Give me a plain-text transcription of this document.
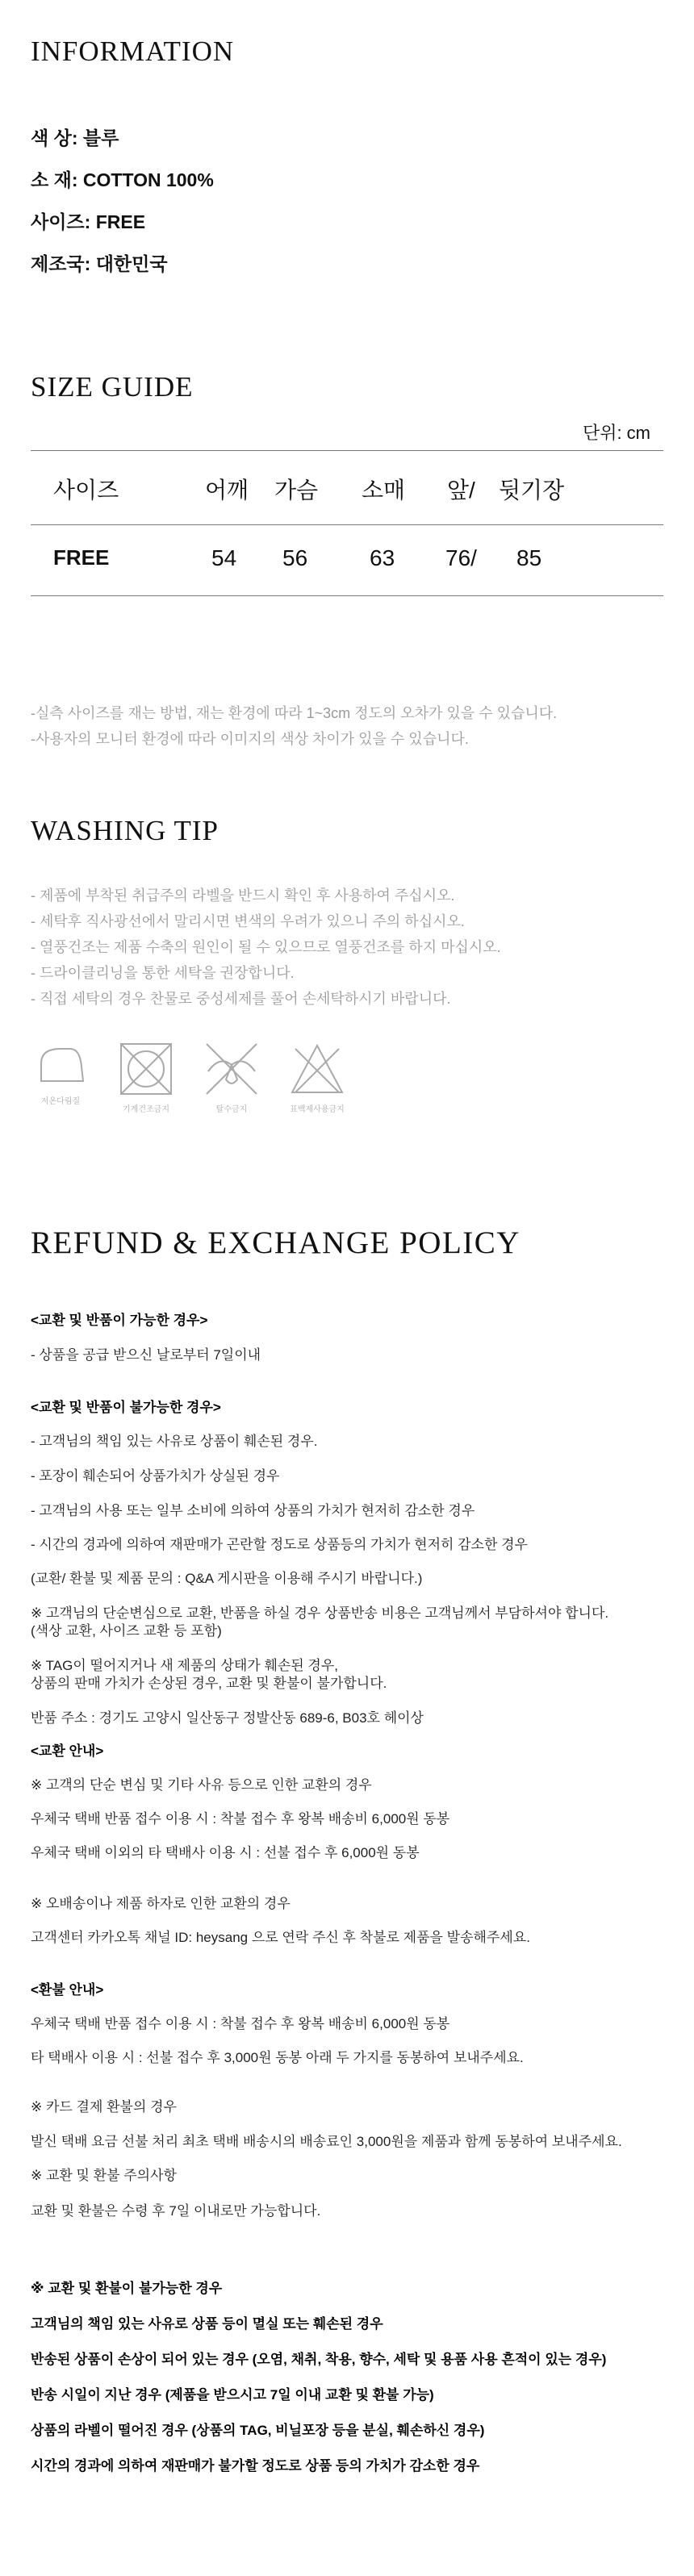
INFORMATION
색 상: 블루
소 재: COTTON 100%
사이즈: FREE
제조국: 대한민국
SIZE GUIDE
단위: cm
사이즈	어깨 가슴 소매 앞/ 뒷기장
FREE	54 56	63 76/ 85
-실측 사이즈를 재는 방법, 재는 환경에 따라 1~3cm 정도의 오차가 있을 수 있습니다.
-사용자의 모니터 환경에 따라 이미지의 색상 차이가 있을 수 있습니다.
WASHING TIP
- 제품에 부착된 취급주의 라벨을 반드시 확인 후 사용하여 주십시오.
- 세탁후 직사광선에서 말리시면 변색의 우려가 있으니 주의 하십시오.
- 열풍건조는 제품 수축의 원인이 될 수 있으므로 열풍건조를 하지 마십시오.
- 드라이클리닝을 통한 세탁을 권장합니다.
- 직접 세탁의 경우 찬물로 중성세제를 풀어 손세탁하시기 바랍니다.
저온다림질
기계건조금지	탈수금지	표백제사용금지
REFUND & EXCHANGE POLICY
<교환 및 반품이 가능한 경우>
- 상품을 공급 받으신 날로부터 7일이내
<교환 및 반품이 불가능한 경우>
- 고객님의 책임 있는 사유로 상품이 훼손된 경우.
- 포장이 훼손되어 상품가치가 상실된 경우
- 고객님의 사용 또는 일부 소비에 의하여 상품의 가치가 현저히 감소한 경우
- 시간의 경과에 의하여 재판매가 곤란할 정도로 상품등의 가치가 현저히 감소한 경우
(교환/ 환불 및 제품 문의 : Q&A 게시판을 이용해 주시기 바랍니다.)
※ 고객님의 단순변심으로 교환, 반품을 하실 경우 상품반송 비용은 고객님께서 부담하셔야 합니다.
(색상 교환, 사이즈 교환 등 포함)
※ TAG이 떨어지거나 새 제품의 상태가 훼손된 경우,
상품의 판매 가치가 손상된 경우, 교환 및 환불이 불가합니다.
반품 주소 : 경기도 고양시 일산동구 정발산동 689-6, B03호 헤이상
<교환 안내>
※ 고객의 단순 변심 및 기타 사유 등으로 인한 교환의 경우
우체국 택배 반품 접수 이용 시 : 착불 접수 후 왕복 배송비 6,000원 동봉
우체국 택배 이외의 타 택배사 이용 시 : 선불 접수 후 6,000원 동봉
※ 오배송이나 제품 하자로 인한 교환의 경우
고객센터 카카오톡 채널 ID: heysang 으로 연락 주신 후 착불로 제품을 발송해주세요.
<환불 안내>
우체국 택배 반품 접수 이용 시 : 착불 접수 후 왕복 배송비 6,000원 동봉
타 택배사 이용 시 : 선불 접수 후 3,000원 동봉 아래 두 가지를 동봉하여 보내주세요.
※ 카드 결제 환불의 경우
발신 택배 요금 선불 처리 최초 택배 배송시의 배송료인 3,000원을 제품과 함께 동봉하여 보내주세요.
※ 교환 및 환불 주의사항
교환 및 환불은 수령 후 7일 이내로만 가능합니다.
※ 교환 및 환불이 불가능한 경우
고객님의 책임 있는 사유로 상품 등이 멸실 또는 훼손된 경우
반송된 상품이 손상이 되어 있는 경우 (오염, 채취, 착용, 향수, 세탁 및 용품 사용 흔적이 있는 경우)
반송 시일이 지난 경우 (제품을 받으시고 7일 이내 교환 및 환불 가능)
상품의 라벨이 떨어진 경우 (상품의 TAG, 비닐포장 등을 분실, 훼손하신 경우)
시간의 경과에 의하여 재판매가 불가할 정도로 상품 등의 가치가 감소한 경우
